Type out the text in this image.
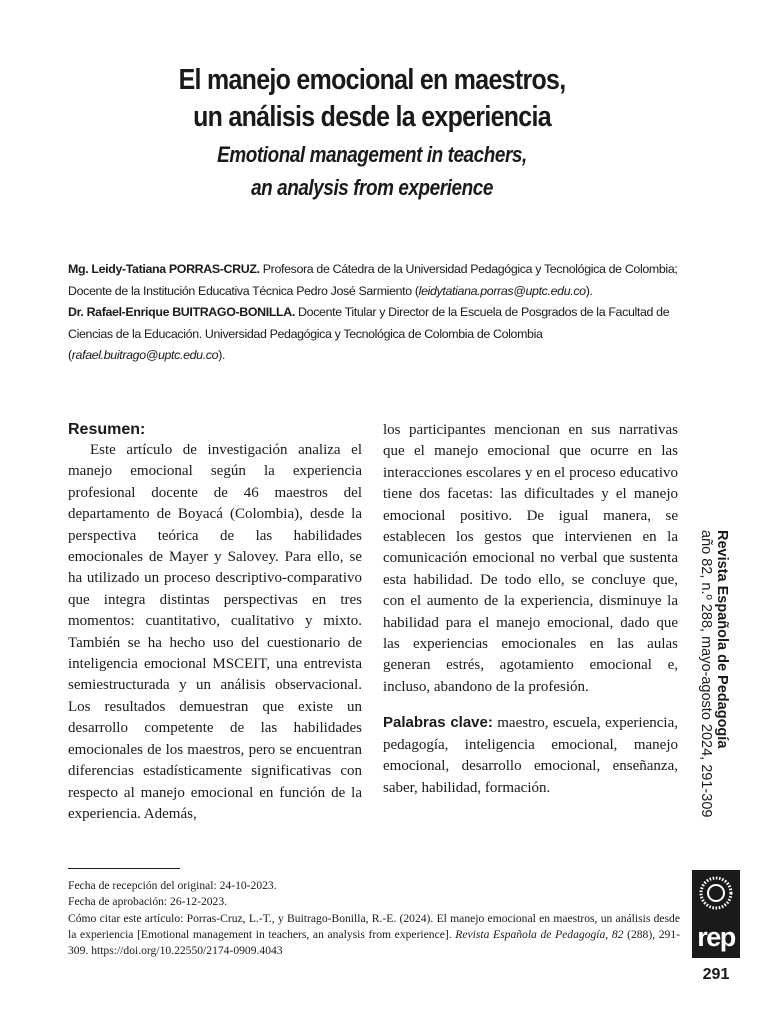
El manejo emocional en maestros,

un análisis desde la experiencia

Emotional management in teachers,

an analysis from experience

Mg. Leidy-Tatiana PORRAS-CRUZ. Profesora de Cátedra de la Universidad Pedagógica y Tecnológica de Colombia; Docente de la Institución Educativa Técnica Pedro José Sarmiento (leidytatiana.porras@uptc.edu.co).

Dr. Rafael-Enrique BUITRAGO-BONILLA. Docente Titular y Director de la Escuela de Posgrados de la Facultad de Ciencias de la Educación. Universidad Pedagógica y Tecnológica de Colombia de Colombia (rafael.buitrago@uptc.edu.co).

Resumen:

Este artículo de investigación analiza el manejo emocional según la experiencia profesional docente de 46 maestros del departamento de Boyacá (Colombia), desde la perspectiva teórica de las habilidades emocionales de Mayer y Salovey. Para ello, se ha utilizado un proceso descriptivo-comparativo que integra distintas perspectivas en tres momentos: cuantitativo, cualitativo y mixto. También se ha hecho uso del cuestionario de inteligencia emocional MSCEIT, una entrevista semiestructurada y un análisis observacional. Los resultados demuestran que existe un desarrollo competente de las habilidades emocionales de los maestros, pero se encuentran diferencias estadísticamente significativas con respecto al manejo emocional en función de la experiencia. Además,

los participantes mencionan en sus narrativas que el manejo emocional que ocurre en las interacciones escolares y en el proceso educativo tiene dos facetas: las dificultades y el manejo emocional positivo. De igual manera, se establecen los gestos que intervienen en la comunicación emocional no verbal que sustenta esta habilidad. De todo ello, se concluye que, con el aumento de la experiencia, disminuye la habilidad para el manejo emocional, dado que las experiencias emocionales en las aulas generan estrés, agotamiento emocional e, incluso, abandono de la profesión.

Palabras clave: maestro, escuela, experiencia, pedagogía, inteligencia emocional, manejo emocional, desarrollo emocional, enseñanza, saber, habilidad, formación.

Fecha de recepción del original: 24-10-2023.

Fecha de aprobación: 26-12-2023.

Cómo citar este artículo: Porras-Cruz, L.-T., y Buitrago-Bonilla, R.-E. (2024). El manejo emocional en maestros, un análisis desde la experiencia [Emotional management in teachers, an analysis from experience]. Revista Española de Pedagogía, 82 (288), 291-309. https://doi.org/10.22550/2174-0909.4043

Revista Española de Pedagogía
año 82, n.º 288, mayo-agosto 2024, 291-309
rep
291
